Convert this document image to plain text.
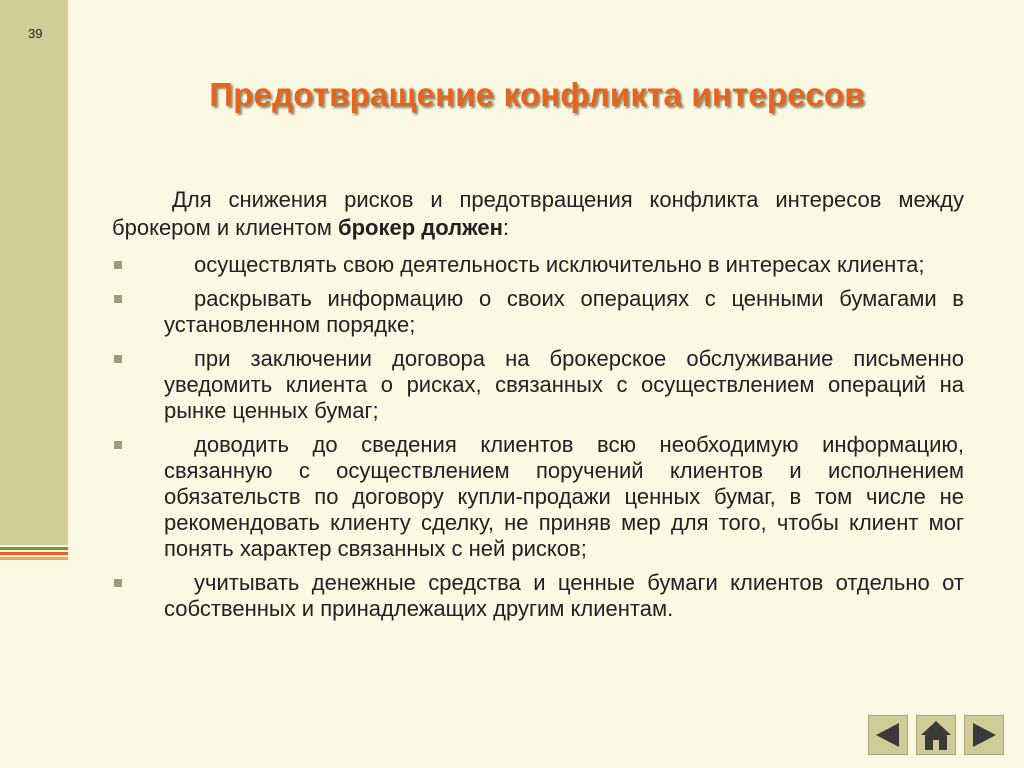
39
Предотвращение конфликта интересов

Для снижения рисков и предотвращения конфликта интересов между брокером и клиентом брокер должен:

осуществлять свою деятельность исключительно в интересах клиента;
раскрывать информацию о своих операциях с ценными бумагами в установленном порядке;
при заключении договора на брокерское обслуживание письменно уведомить клиента о рисках, связанных с осуществлением операций на рынке ценных бумаг;
доводить до сведения клиентов всю необходимую информацию, связанную с осуществлением поручений клиентов и исполнением обязательств по договору купли-продажи ценных бумаг, в том числе не рекомендовать клиенту сделку, не приняв мер для того, чтобы клиент мог понять характер связанных с ней рисков;
учитывать денежные средства и ценные бумаги клиентов отдельно от собственных и принадлежащих другим клиентам.
